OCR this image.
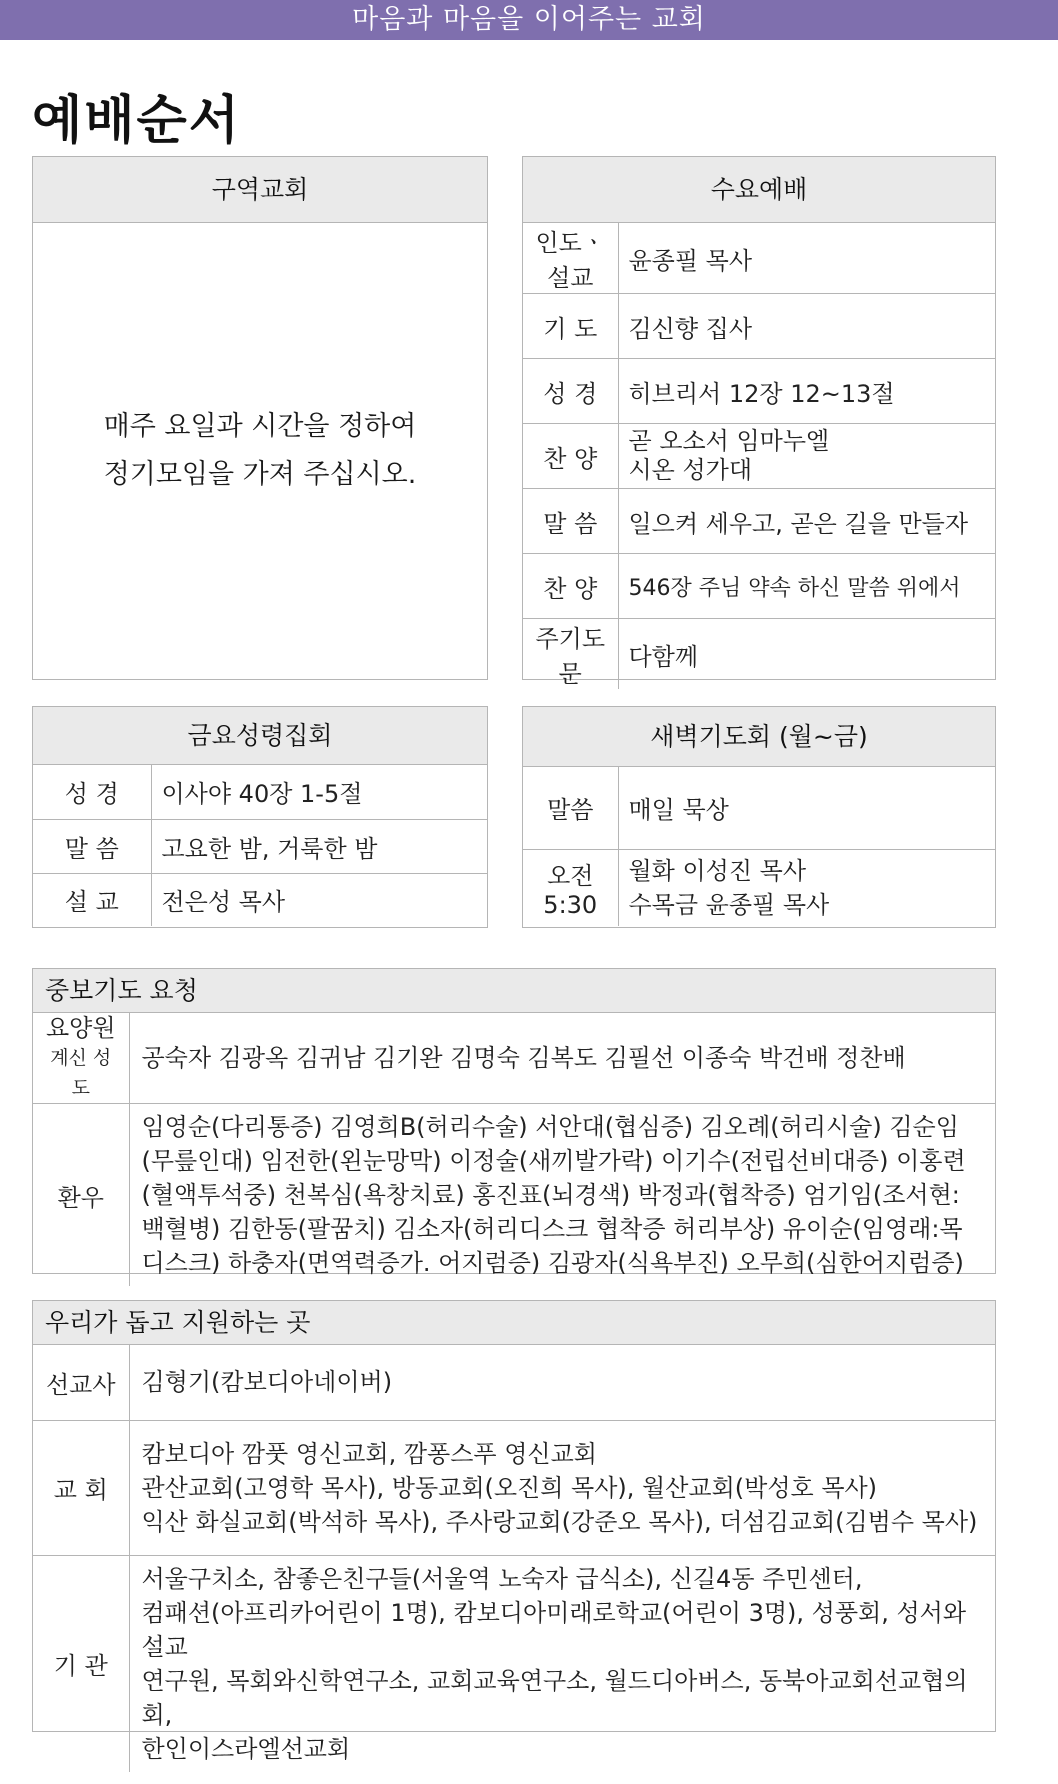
마음과 마음을 이어주는 교회
예배순서
구역교회
매주 요일과 시간을 정하여
정기모임을 가져 주십시오.
수요예배
인도ㆍ설교	윤종필 목사
기 도	김신향 집사
성 경	히브리서 12장 12~13절
찬 양	곧 오소서 임마누엘
시온 성가대

말 씀	일으켜 세우고, 곧은 길을 만들자
찬 양	546장 주님 약속 하신 말씀 위에서
주기도문	다함께
금요성령집회
성 경	이사야 40장 1-5절
말 씀	고요한 밤, 거룩한 밤
설 교	전은성 목사
새벽기도회 (월~금)
말씀	매일 묵상
오전 5:30	월화 이성진 목사
수목금 윤종필 목사
중보기도 요청
요양원
계신 성도	공숙자 김광옥 김귀남 김기완 김명숙 김복도 김필선 이종숙 박건배 정찬배
환우	임영순(다리통증) 김영희B(허리수술) 서안대(협심증) 김오례(허리시술) 김순임(무릎인대) 임전한(왼눈망막) 이정술(새끼발가락) 이기수(전립선비대증) 이홍련(혈액투석중) 천복심(욕창치료) 홍진표(뇌경색) 박정과(협착증) 엄기임(조서현:백혈병) 김한동(팔꿈치) 김소자(허리디스크 협착증 허리부상) 유이순(임영래:목디스크) 하충자(면역력증가. 어지럼증) 김광자(식욕부진) 오무희(심한어지럼증)
우리가 돕고 지원하는 곳
선교사	김형기(캄보디아네이버)
교 회	캄보디아 깜풋 영신교회, 깜퐁스푸 영신교회
관산교회(고영학 목사), 방동교회(오진희 목사), 월산교회(박성호 목사)
익산 화실교회(박석하 목사), 주사랑교회(강준오 목사), 더섬김교회(김범수 목사)

기 관	서울구치소, 참좋은친구들(서울역 노숙자 급식소), 신길4동 주민센터,
컴패션(아프리카어린이 1명), 캄보디아미래로학교(어린이 3명), 성풍회, 성서와설교
연구원, 목회와신학연구소, 교회교육연구소, 월드디아버스, 동북아교회선교협의회,
한인이스라엘선교회
